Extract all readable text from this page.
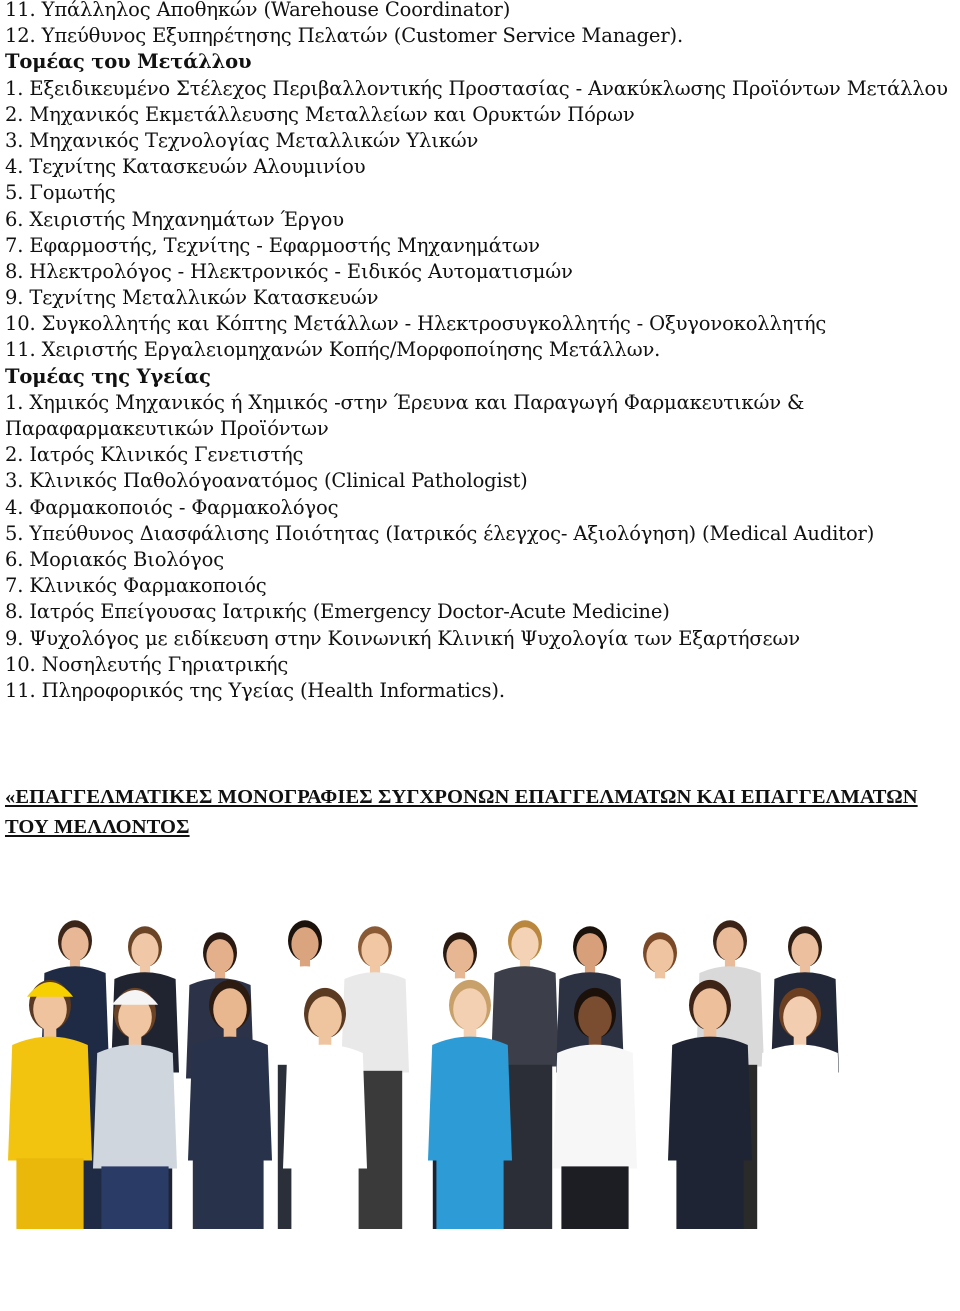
11. Υπάλληλος Αποθηκών (Warehouse Coordinator)
12. Υπεύθυνος Εξυπηρέτησης Πελατών (Customer Service Manager).
Τομέας του Μετάλλου
1. Εξειδικευμένο Στέλεχος Περιβαλλοντικής Προστασίας - Ανακύκλωσης Προϊόντων Μετάλλου
2. Μηχανικός Εκμετάλλευσης Μεταλλείων και Ορυκτών Πόρων
3. Μηχανικός Τεχνολογίας Μεταλλικών Υλικών
4. Τεχνίτης Κατασκευών Αλουμινίου
5. Γομωτής
6. Χειριστής Μηχανημάτων Έργου
7. Εφαρμοστής, Τεχνίτης - Εφαρμοστής Μηχανημάτων
8. Ηλεκτρολόγος - Ηλεκτρονικός - Ειδικός Αυτοματισμών
9. Τεχνίτης Μεταλλικών Κατασκευών
10. Συγκολλητής και Κόπτης Μετάλλων - Ηλεκτροσυγκολλητής - Οξυγονοκολλητής
11. Χειριστής Εργαλειομηχανών Κοπής/Μορφοποίησης Μετάλλων.
Τομέας της Υγείας
1. Χημικός Μηχανικός ή Χημικός -στην Έρευνα και Παραγωγή Φαρμακευτικών &
Παραφαρμακευτικών Προϊόντων
2. Ιατρός Κλινικός Γενετιστής
3. Κλινικός Παθολόγοανατόμος (Clinical Pathologist)
4. Φαρμακοποιός - Φαρμακολόγος
5. Υπεύθυνος Διασφάλισης Ποιότητας (Ιατρικός έλεγχος- Αξιολόγηση) (Medical Auditor)
6. Μοριακός Βιολόγος
7. Κλινικός Φαρμακοποιός
8. Ιατρός Επείγουσας Ιατρικής (Emergency Doctor-Acute Medicine)
9. Ψυχολόγος με ειδίκευση στην Κοινωνική Κλινική Ψυχολογία των Εξαρτήσεων
10. Νοσηλευτής Γηριατρικής
11. Πληροφορικός της Υγείας (Health Informatics).
«ΕΠΑΓΓΕΛΜΑΤΙΚΕΣ ΜΟΝΟΓΡΑΦΙΕΣ ΣΥΓΧΡΟΝΩΝ ΕΠΑΓΓΕΛΜΑΤΩΝ ΚΑΙ ΕΠΑΓΓΕΛΜΑΤΩΝ ΤΟΥ ΜΕΛΛΟΝΤΟΣ
